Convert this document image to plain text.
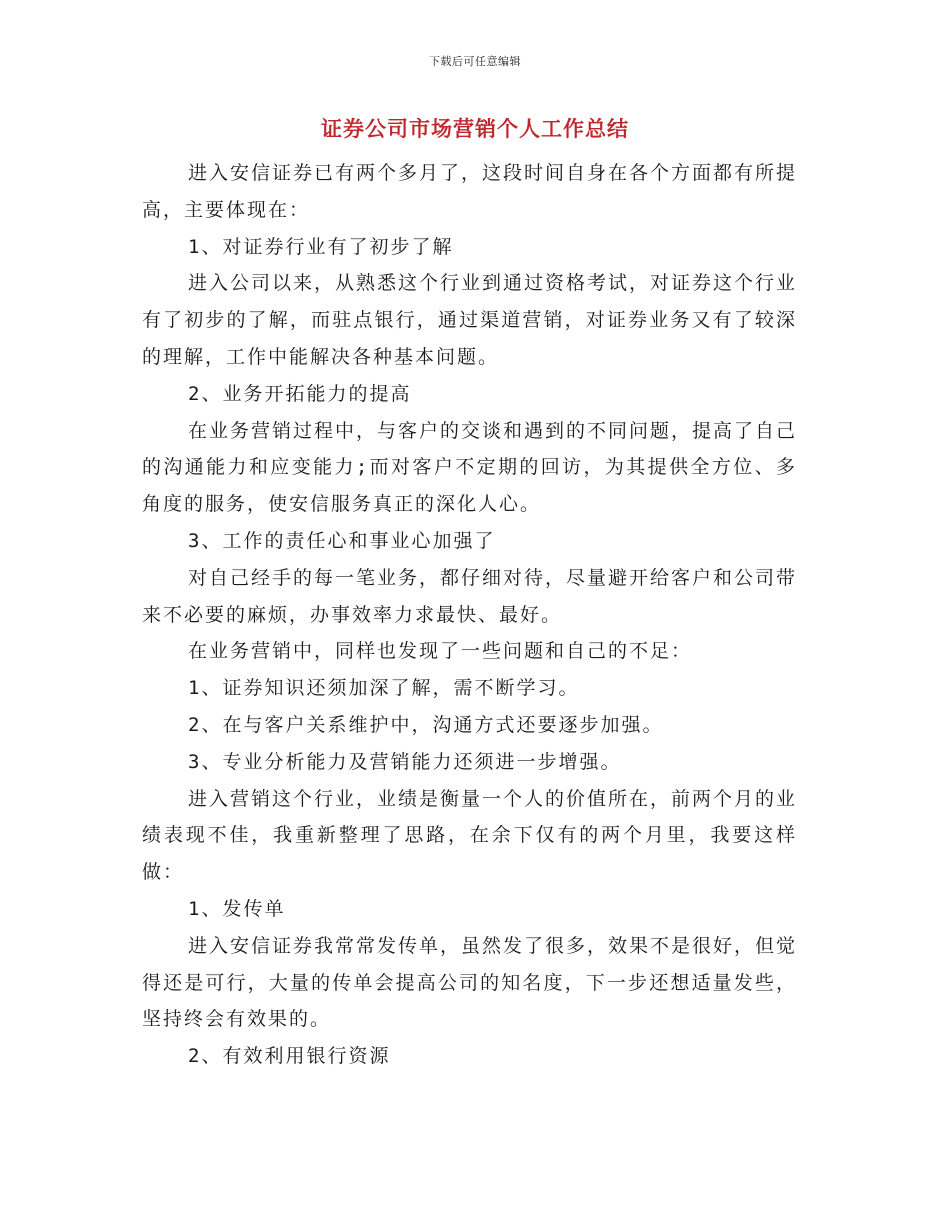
下载后可任意编辑
证券公司市场营销个人工作总结

进入安信证券已有两个多月了，这段时间自身在各个方面都有所提高，主要体现在：

1、对证券行业有了初步了解

进入公司以来，从熟悉这个行业到通过资格考试，对证券这个行业有了初步的了解，而驻点银行，通过渠道营销，对证券业务又有了较深的理解，工作中能解决各种基本问题。

2、业务开拓能力的提高

在业务营销过程中，与客户的交谈和遇到的不同问题，提高了自己的沟通能力和应变能力;而对客户不定期的回访，为其提供全方位、多角度的服务，使安信服务真正的深化人心。

3、工作的责任心和事业心加强了

对自己经手的每一笔业务，都仔细对待，尽量避开给客户和公司带来不必要的麻烦，办事效率力求最快、最好。

在业务营销中，同样也发现了一些问题和自己的不足：

1、证券知识还须加深了解，需不断学习。

2、在与客户关系维护中，沟通方式还要逐步加强。

3、专业分析能力及营销能力还须进一步增强。

进入营销这个行业，业绩是衡量一个人的价值所在，前两个月的业绩表现不佳，我重新整理了思路，在余下仅有的两个月里，我要这样做：

1、发传单

进入安信证券我常常发传单，虽然发了很多，效果不是很好，但觉得还是可行，大量的传单会提高公司的知名度，下一步还想适量发些，坚持终会有效果的。

2、有效利用银行资源
